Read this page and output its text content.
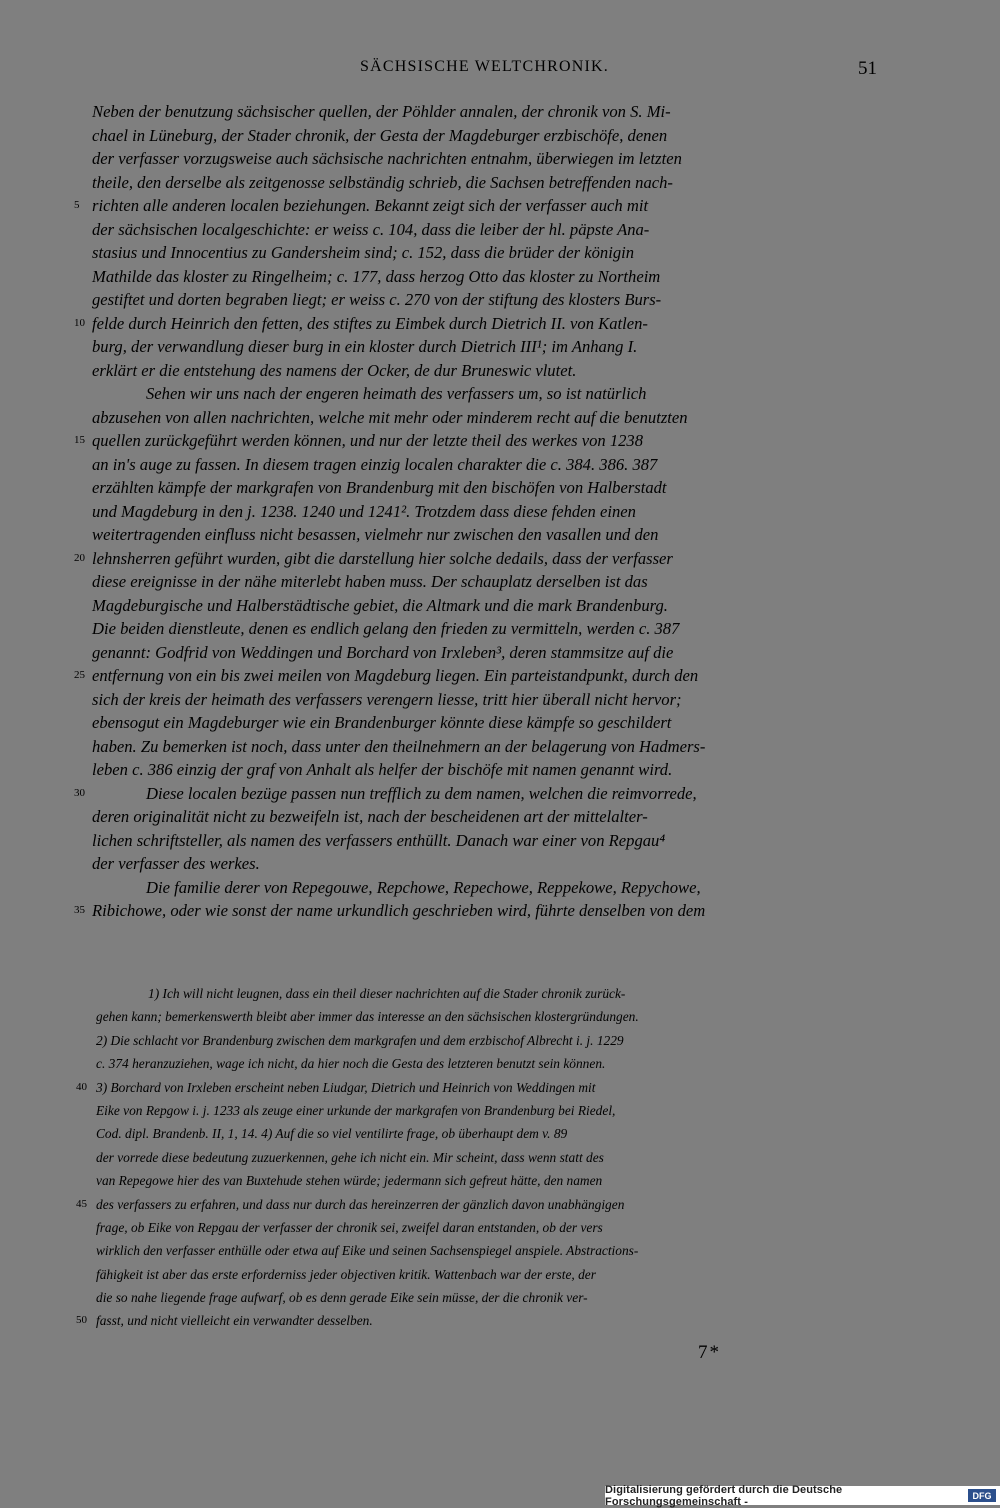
SÄCHSISCHE WELTCHRONIK.	51
Neben der benutzung sächsischer quellen, der Pöhlder annalen, der chronik von S. Mi-
chael in Lüneburg, der Stader chronik, der Gesta der Magdeburger erzbischöfe, denen
der verfasser vorzugsweise auch sächsische nachrichten entnahm, überwiegen im letzten
theile, den derselbe als zeitgenosse selbständig schrieb, die Sachsen betreffenden nach-
5 richten alle anderen localen beziehungen. Bekannt zeigt sich der verfasser auch mit
der sächsischen localgeschichte: er weiss c. 104, dass die leiber der hl. päpste Ana-
stasius und Innocentius zu Gandersheim sind; c. 152, dass die brüder der königin
Mathilde das kloster zu Ringelheim; c. 177, dass herzog Otto das kloster zu Northeim
gestiftet und dorten begraben liegt; er weiss c. 270 von der stiftung des klosters Burs-
10 felde durch Heinrich den fetten, des stiftes zu Eimbek durch Dietrich II. von Katlen-
burg, der verwandlung dieser burg in ein kloster durch Dietrich III¹; im Anhang I.
erklärt er die entstehung des namens der Ocker, de dur Bruneswic vlutet.
Sehen wir uns nach der engeren heimath des verfassers um, so ist natürlich
abzusehen von allen nachrichten, welche mit mehr oder minderem recht auf die benutzten
15 quellen zurückgeführt werden können, und nur der letzte theil des werkes von 1238
an in's auge zu fassen. In diesem tragen einzig localen charakter die c. 384. 386. 387
erzählten kämpfe der markgrafen von Brandenburg mit den bischöfen von Halberstadt
und Magdeburg in den j. 1238. 1240 und 1241². Trotzdem dass diese fehden einen
weitertragenden einfluss nicht besassen, vielmehr nur zwischen den vasallen und den
20 lehnsherren geführt wurden, gibt die darstellung hier solche dedails, dass der verfasser
diese ereignisse in der nähe miterlebt haben muss. Der schauplatz derselben ist das
Magdeburgische und Halberstädtische gebiet, die Altmark und die mark Brandenburg.
Die beiden dienstleute, denen es endlich gelang den frieden zu vermitteln, werden c. 387
genannt: Godfrid von Weddingen und Borchard von Irxleben³, deren stammsitze auf die
25 entfernung von ein bis zwei meilen von Magdeburg liegen. Ein parteistandpunkt, durch den
sich der kreis der heimath des verfassers verengern liesse, tritt hier überall nicht hervor;
ebensogut ein Magdeburger wie ein Brandenburger könnte diese kämpfe so geschildert
haben. Zu bemerken ist noch, dass unter den theilnehmern an der belagerung von Hadmers-
leben c. 386 einzig der graf von Anhalt als helfer der bischöfe mit namen genannt wird.
30	Diese localen bezüge passen nun trefflich zu dem namen, welchen die reimvorrede,
deren originalität nicht zu bezweifeln ist, nach der bescheidenen art der mittelalter-
lichen schriftsteller, als namen des verfassers enthüllt. Danach war einer von Repgau⁴
der verfasser des werkes.
Die familie derer von Repegouwe, Repchowe, Repechowe, Reppekowe, Repychowe,
35 Ribichowe, oder wie sonst der name urkundlich geschrieben wird, führte denselben von dem
1) Ich will nicht leugnen, dass ein theil dieser nachrichten auf die Stader chronik zurück-
gehen kann; bemerkenswerth bleibt aber immer das interesse an den sächsischen klostergründungen.
2) Die schlacht vor Brandenburg zwischen dem markgrafen und dem erzbischof Albrecht i. j. 1229
c. 374 heranzuziehen, wage ich nicht, da hier noch die Gesta des letzteren benutzt sein können.
40 3) Borchard von Irxleben erscheint neben Liudgar, Dietrich und Heinrich von Weddingen mit
Eike von Repgow i. j. 1233 als zeuge einer urkunde der markgrafen von Brandenburg bei Riedel,
Cod. dipl. Brandenb. II, 1, 14. 4) Auf die so viel ventilirte frage, ob überhaupt dem v. 89
der vorrede diese bedeutung zuzuerkennen, gehe ich nicht ein. Mir scheint, dass wenn statt des
van Repegowe hier des van Buxtehude stehen würde; jedermann sich gefreut hätte, den namen
45 des verfassers zu erfahren, und dass nur durch das hereinzerren der gänzlich davon unabhängigen
frage, ob Eike von Repgau der verfasser der chronik sei, zweifel daran entstanden, ob der vers
wirklich den verfasser enthülle oder etwa auf Eike und seinen Sachsenspiegel anspiele. Abstractions-
fähigkeit ist aber das erste erforderniss jeder objectiven kritik. Wattenbach war der erste, der
die so nahe liegende frage aufwarf, ob es denn gerade Eike sein müsse, der die chronik ver-
50 fasst, und nicht vielleicht ein verwandter desselben.
7*
Digitalisierung gefördert durch die Deutsche Forschungsgemeinschaft -	DFG
